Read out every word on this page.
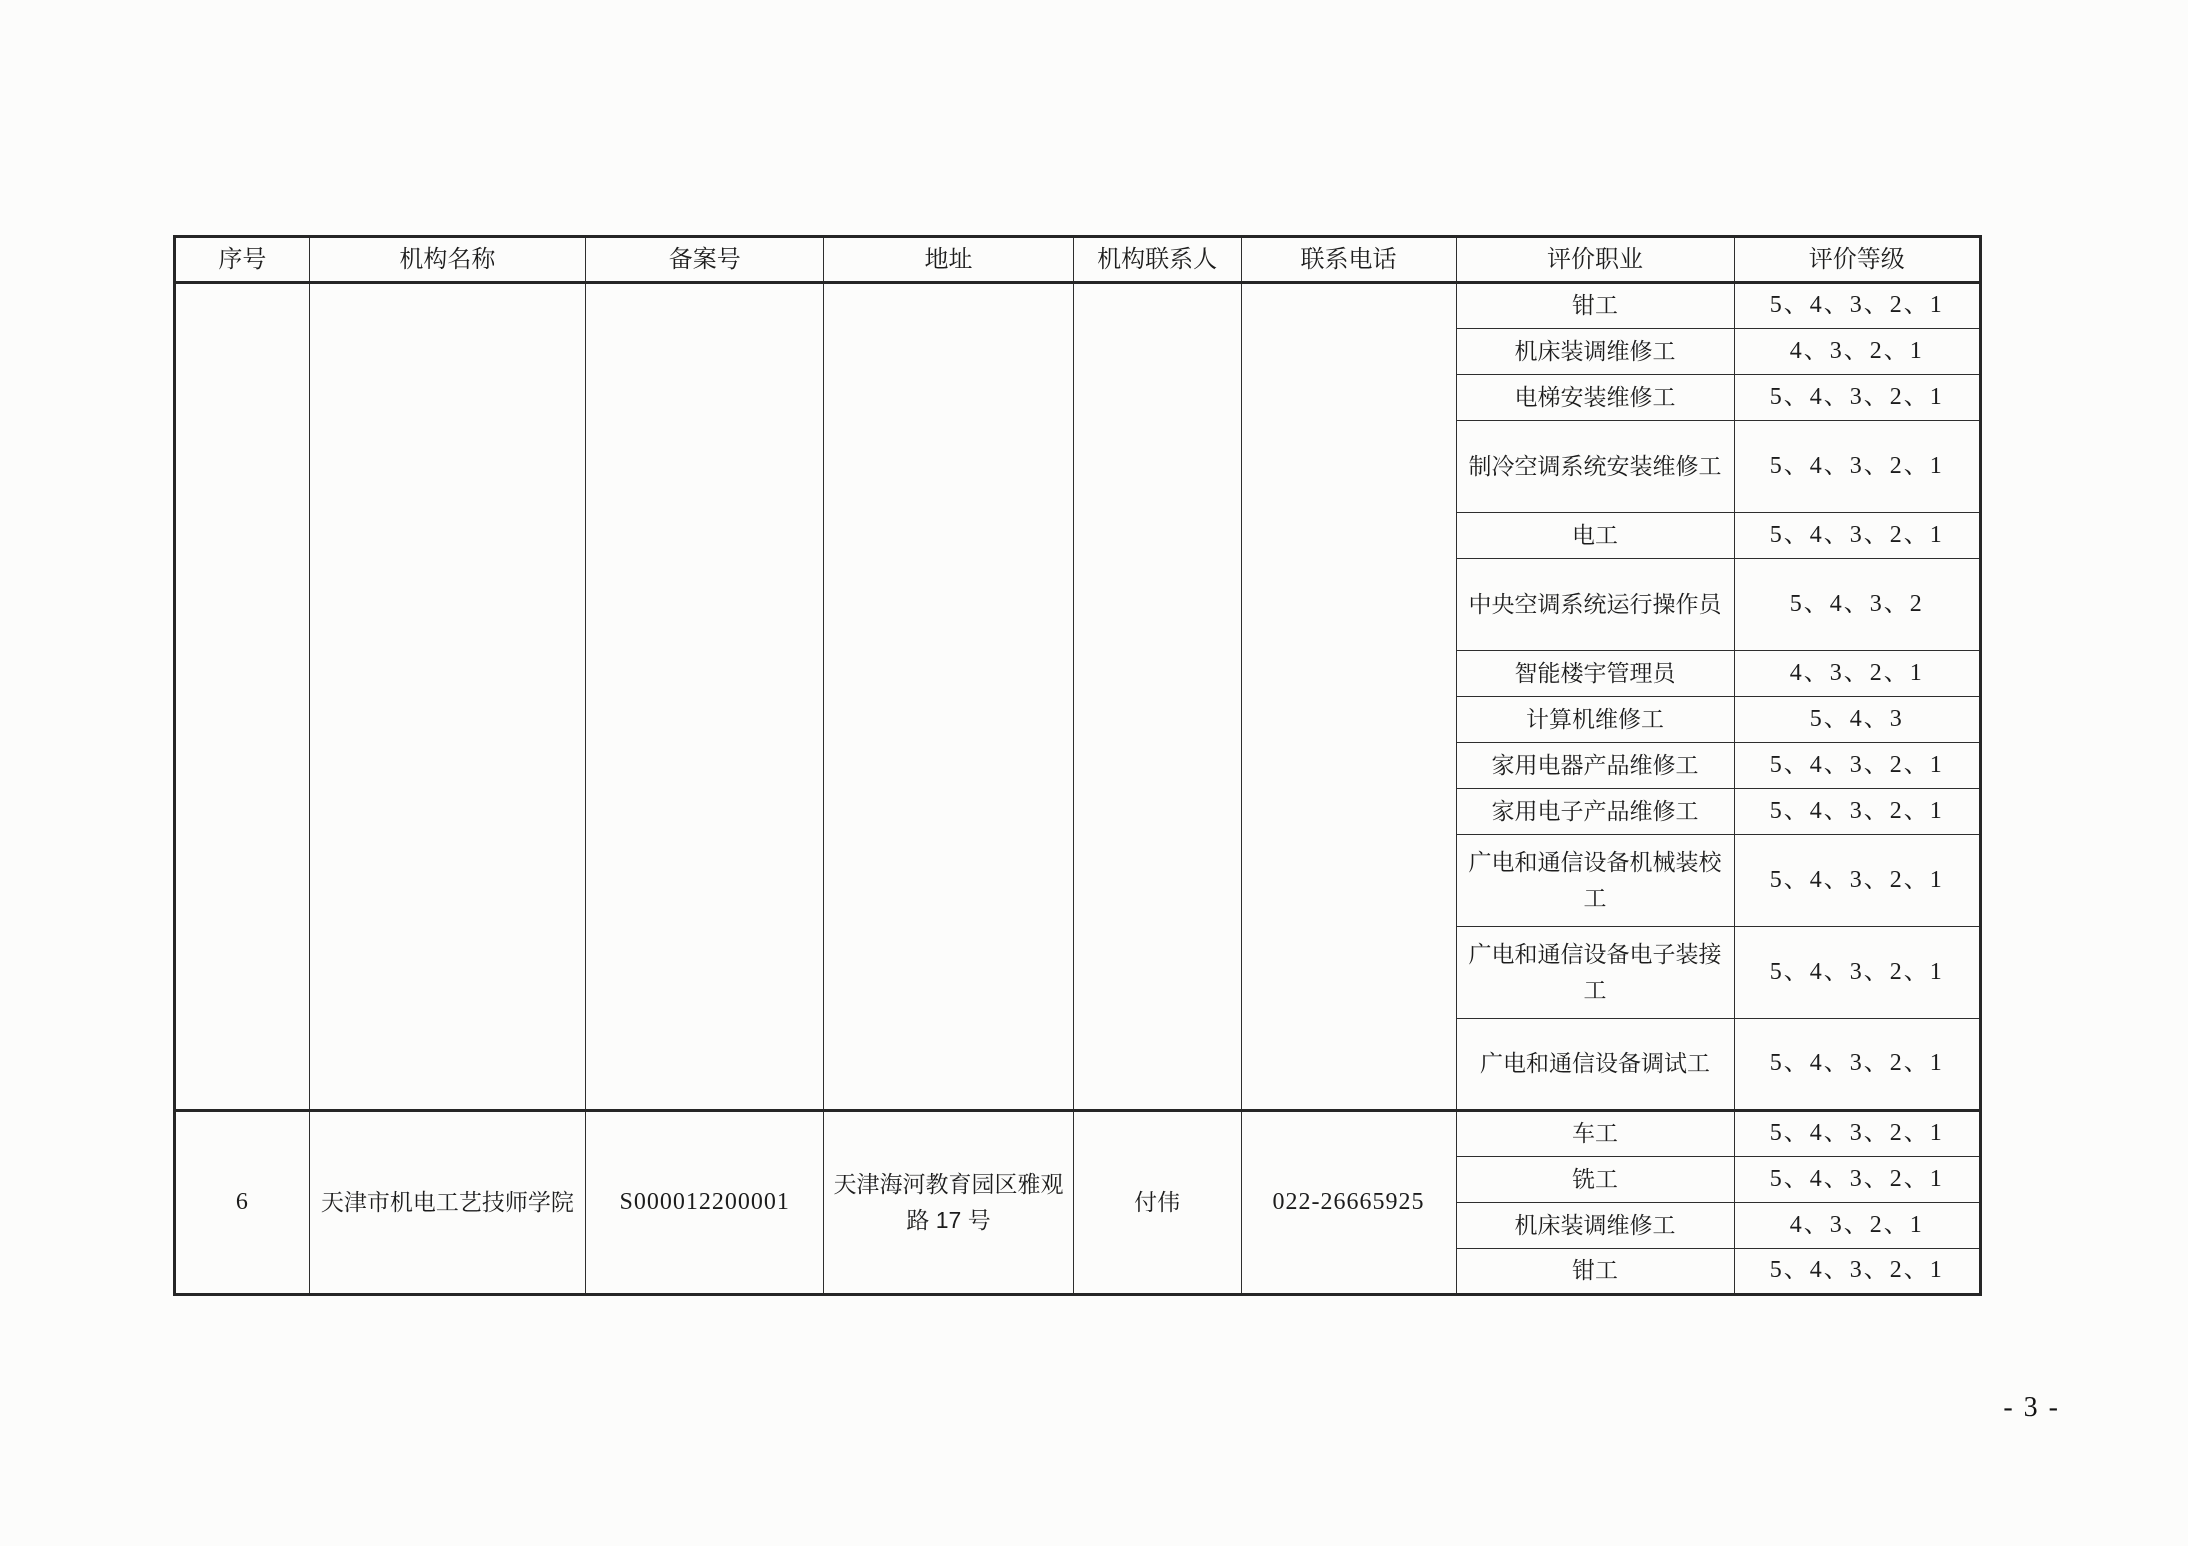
序号	机构名称	备案号	地址	机构联系人	联系电话	评价职业	评价等级
						钳工	5、4、3、2、1
						机床装调维修工	4、3、2、1
						电梯安装维修工	5、4、3、2、1
						制冷空调系统安装维修工	5、4、3、2、1
						电工	5、4、3、2、1
						中央空调系统运行操作员	5、4、3、2
						智能楼宇管理员	4、3、2、1
						计算机维修工	5、4、3
						家用电器产品维修工	5、4、3、2、1
						家用电子产品维修工	5、4、3、2、1
						广电和通信设备机械装校工	5、4、3、2、1
						广电和通信设备电子装接工	5、4、3、2、1
						广电和通信设备调试工	5、4、3、2、1
6	天津市机电工艺技师学院	S000012200001	天津海河教育园区雅观路 17 号	付伟	022-26665925	车工	5、4、3、2、1
						铣工	5、4、3、2、1
						机床装调维修工	4、3、2、1
						钳工	5、4、3、2、1
- 3 -
